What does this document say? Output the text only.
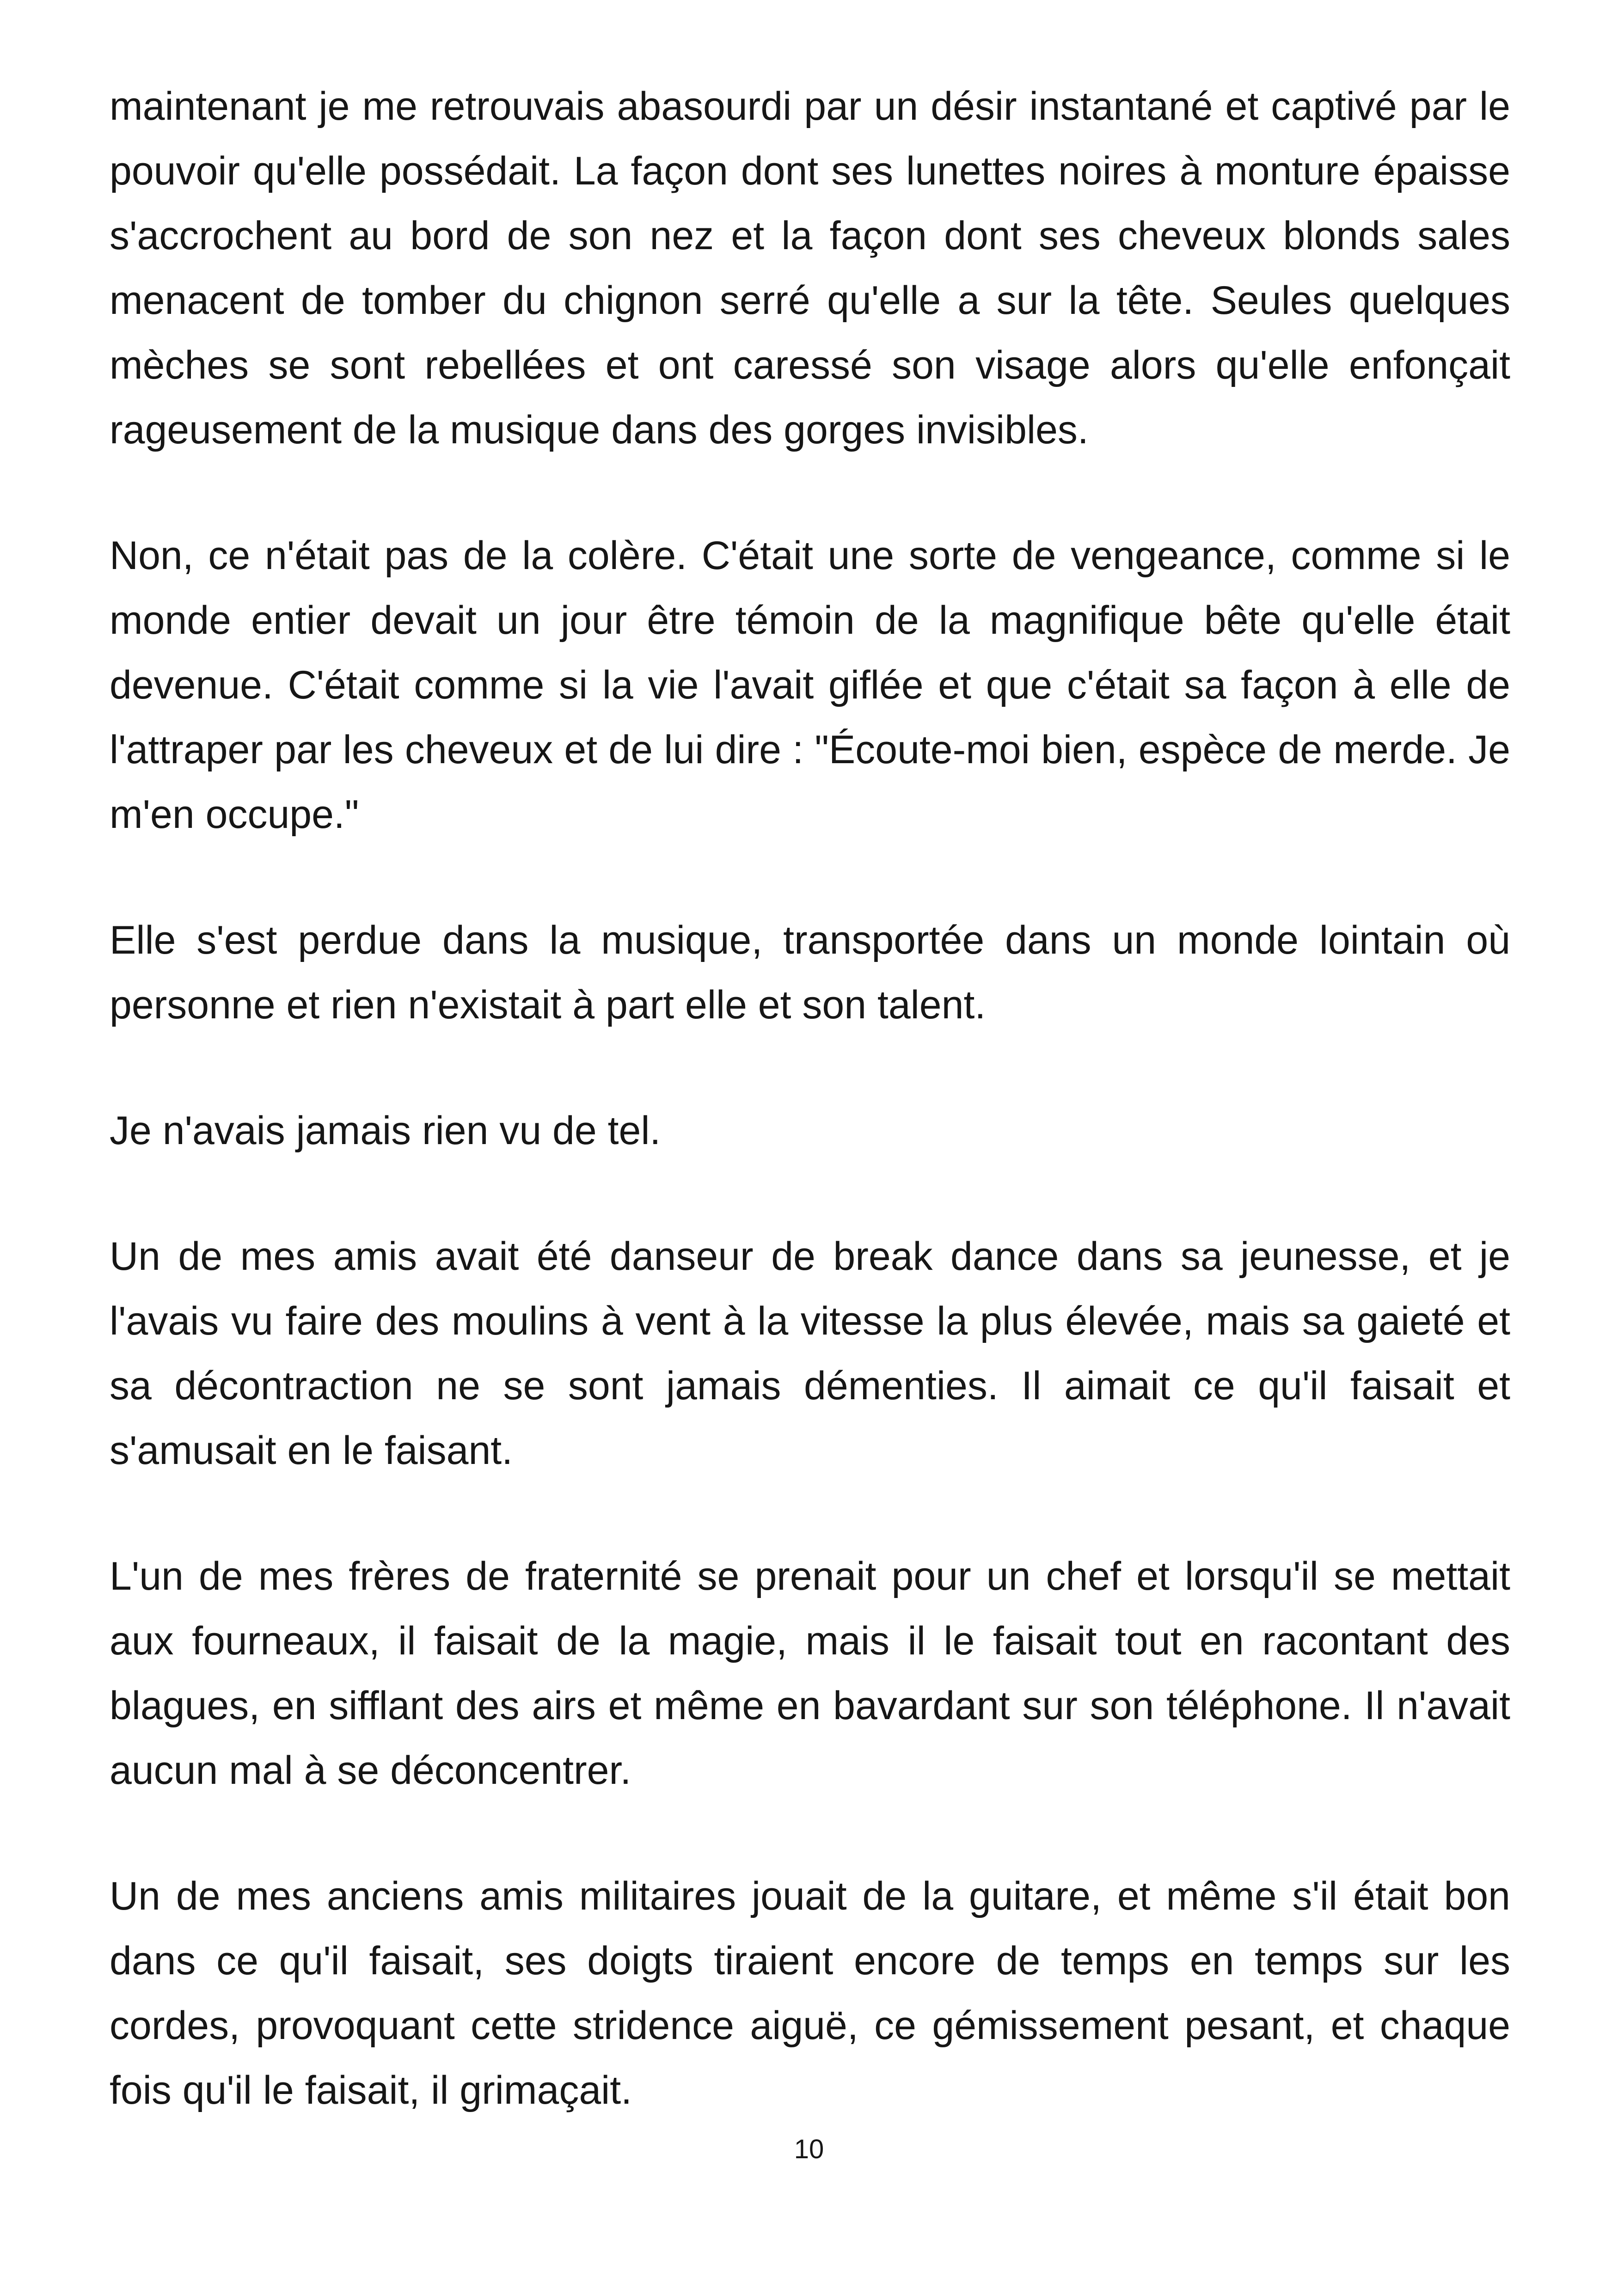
maintenant je me retrouvais abasourdi par un désir instantané et captivé par le pouvoir qu'elle possédait. La façon dont ses lunettes noires à monture épaisse s'accrochent au bord de son nez et la façon dont ses cheveux blonds sales menacent de tomber du chignon serré qu'elle a sur la tête. Seules quelques mèches se sont rebellées et ont caressé son visage alors qu'elle enfonçait rageusement de la musique dans des gorges invisibles.

Non, ce n'était pas de la colère. C'était une sorte de vengeance, comme si le monde entier devait un jour être témoin de la magnifique bête qu'elle était devenue. C'était comme si la vie l'avait giflée et que c'était sa façon à elle de l'attraper par les cheveux et de lui dire : "Écoute-moi bien, espèce de merde. Je m'en occupe."

Elle s'est perdue dans la musique, transportée dans un monde lointain où personne et rien n'existait à part elle et son talent.

Je n'avais jamais rien vu de tel.

Un de mes amis avait été danseur de break dance dans sa jeunesse, et je l'avais vu faire des moulins à vent à la vitesse la plus élevée, mais sa gaieté et sa décontraction ne se sont jamais démenties. Il aimait ce qu'il faisait et s'amusait en le faisant.

L'un de mes frères de fraternité se prenait pour un chef et lorsqu'il se mettait aux fourneaux, il faisait de la magie, mais il le faisait tout en racontant des blagues, en sifflant des airs et même en bavardant sur son téléphone. Il n'avait aucun mal à se déconcentrer.

Un de mes anciens amis militaires jouait de la guitare, et même s'il était bon dans ce qu'il faisait, ses doigts tiraient encore de temps en temps sur les cordes, provoquant cette stridence aiguë, ce gémissement pesant, et chaque fois qu'il le faisait, il grimaçait.

10
